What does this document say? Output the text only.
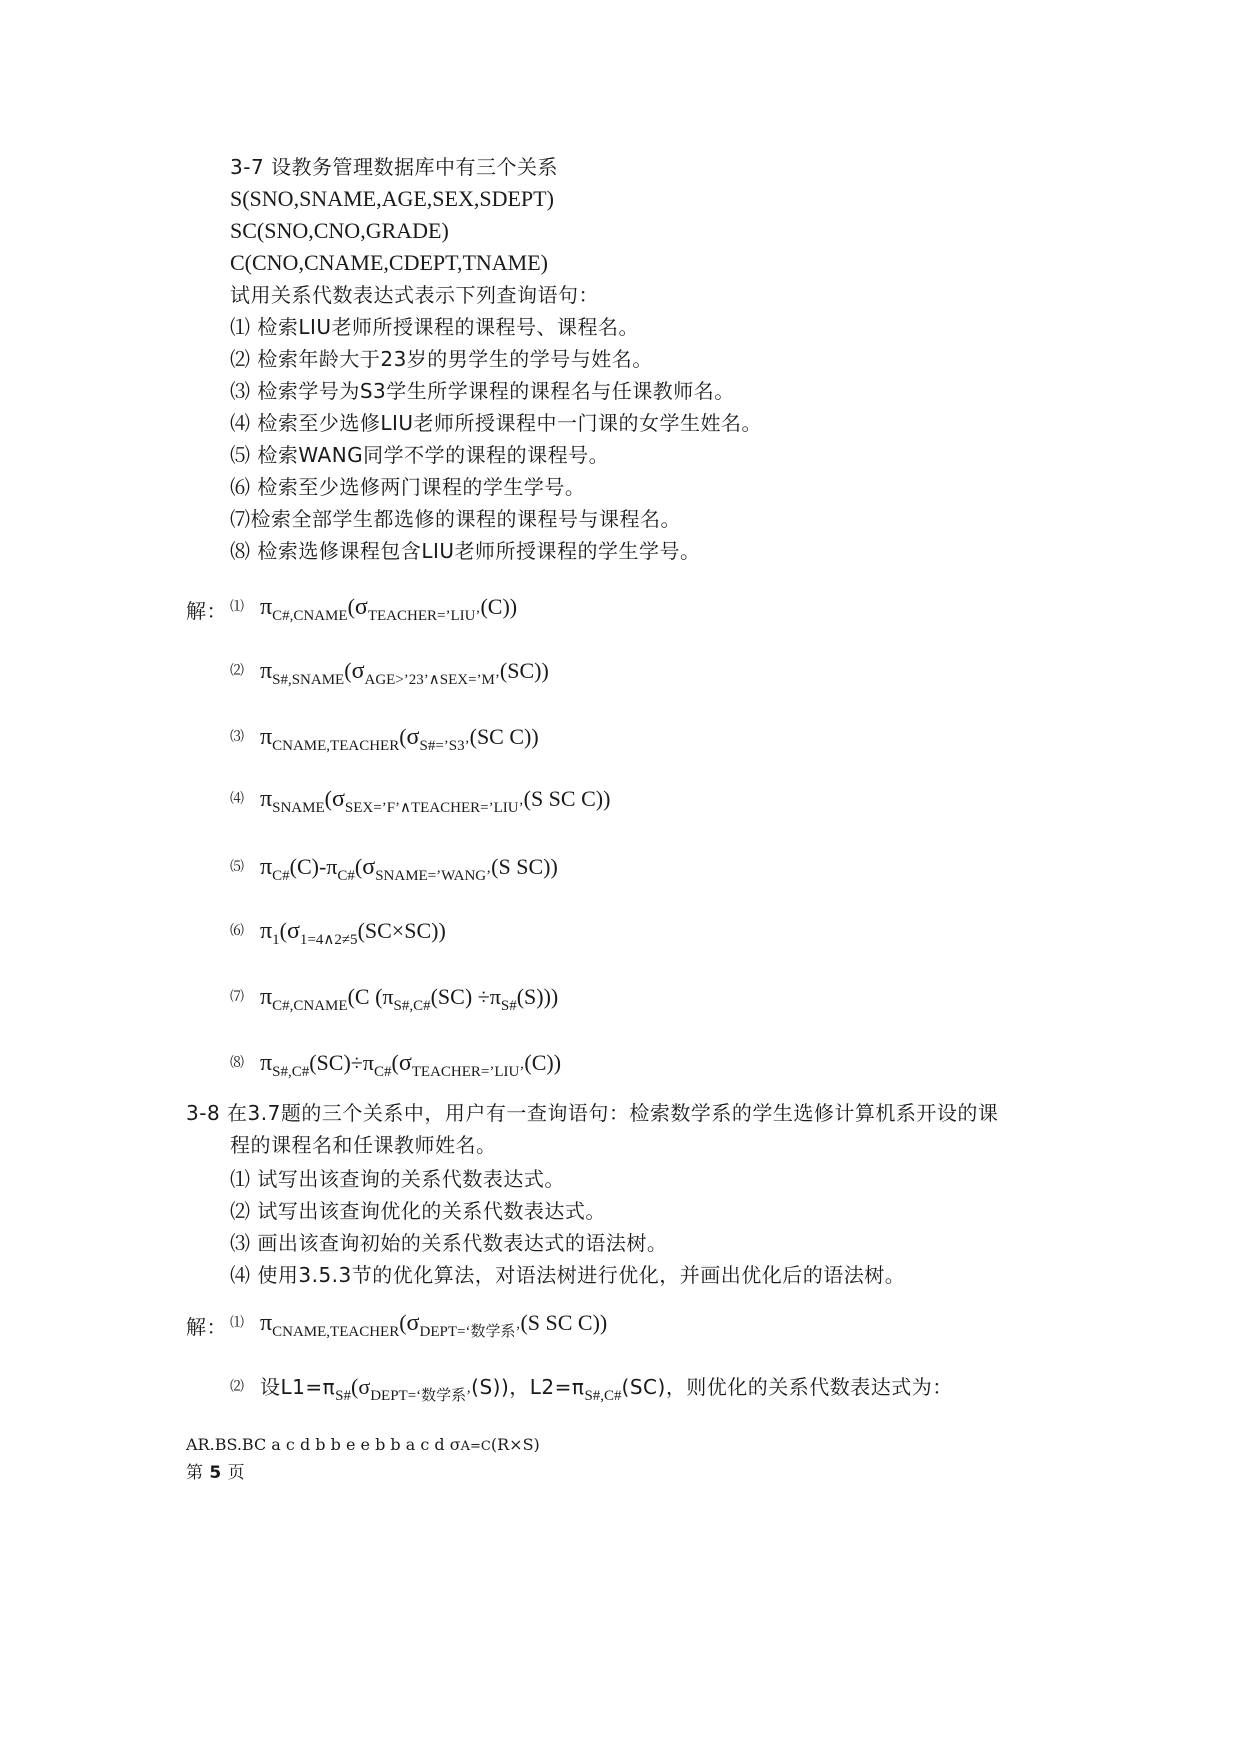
3-7 设教务管理数据库中有三个关系
S(SNO,SNAME,AGE,SEX,SDEPT)
SC(SNO,CNO,GRADE)
C(CNO,CNAME,CDEPT,TNAME)
试用关系代数表达式表示下列查询语句：
⑴ 检索LIU老师所授课程的课程号、课程名。
⑵ 检索年龄大于23岁的男学生的学号与姓名。
⑶ 检索学号为S3学生所学课程的课程名与任课教师名。
⑷ 检索至少选修LIU老师所授课程中一门课的女学生姓名。
⑸ 检索WANG同学不学的课程的课程号。
⑹ 检索至少选修两门课程的学生学号。
⑺检索全部学生都选修的课程的课程号与课程名。
⑻ 检索选修课程包含LIU老师所授课程的学生学号。
解： ⑴ $\pi_{C\#,CNAME}(\sigma_{TEACHER=’LIU’}(C))$
⑵ $\pi_{S\#,SNAME}(\sigma_{AGE>’23’\wedge SEX=’M’}(SC))$
⑶ $\pi_{CNAME,TEACHER}(\sigma_{S\#=’S3’}(SC$ C))
⑷ $\pi_{SNAME}(\sigma_{SEX=’F’\wedge TEACHER=’LIU’}(S$ SC C))
⑸ $\pi_{C\#}(C)-\pi_{C\#}(\sigma_{SNAME=’WANG’}(S$ SC))
⑹ $\pi_1(\sigma_{1=4\wedge 2\ne 5}(SC\times SC))$
⑺ $\pi_{C\#,CNAME}(C$ $(\pi_{S\#,C\#}(SC) \div\pi_{S\#}(S))$)
⑻ $\pi_{S\#,C\#}(SC)\div\pi_{C\#}(\sigma_{TEACHER=’LIU’}(C))$
3-8 在3.7题的三个关系中，用户有一查询语句：检索数学系的学生选修计算机系开设的课
程的课程名和任课教师姓名。
⑴ 试写出该查询的关系代数表达式。
⑵ 试写出该查询优化的关系代数表达式。
⑶ 画出该查询初始的关系代数表达式的语法树。
⑷ 使用3.5.3节的优化算法，对语法树进行优化，并画出优化后的语法树。
解： ⑴ $\pi_{CNAME,TEACHER}(\sigma_{DEPT=‘数学系’}(S$ SC C))
⑵ 设$L1=\pi_{S\#}(\sigma_{DEPT=‘数学系’}(S))$，$L2=\pi_{S\#,C\#}(SC)$，则优化的关系代数表达式为：
AR.BS.BC a c d b b e e b b a c d σA=C(R×S)
第 5 页
